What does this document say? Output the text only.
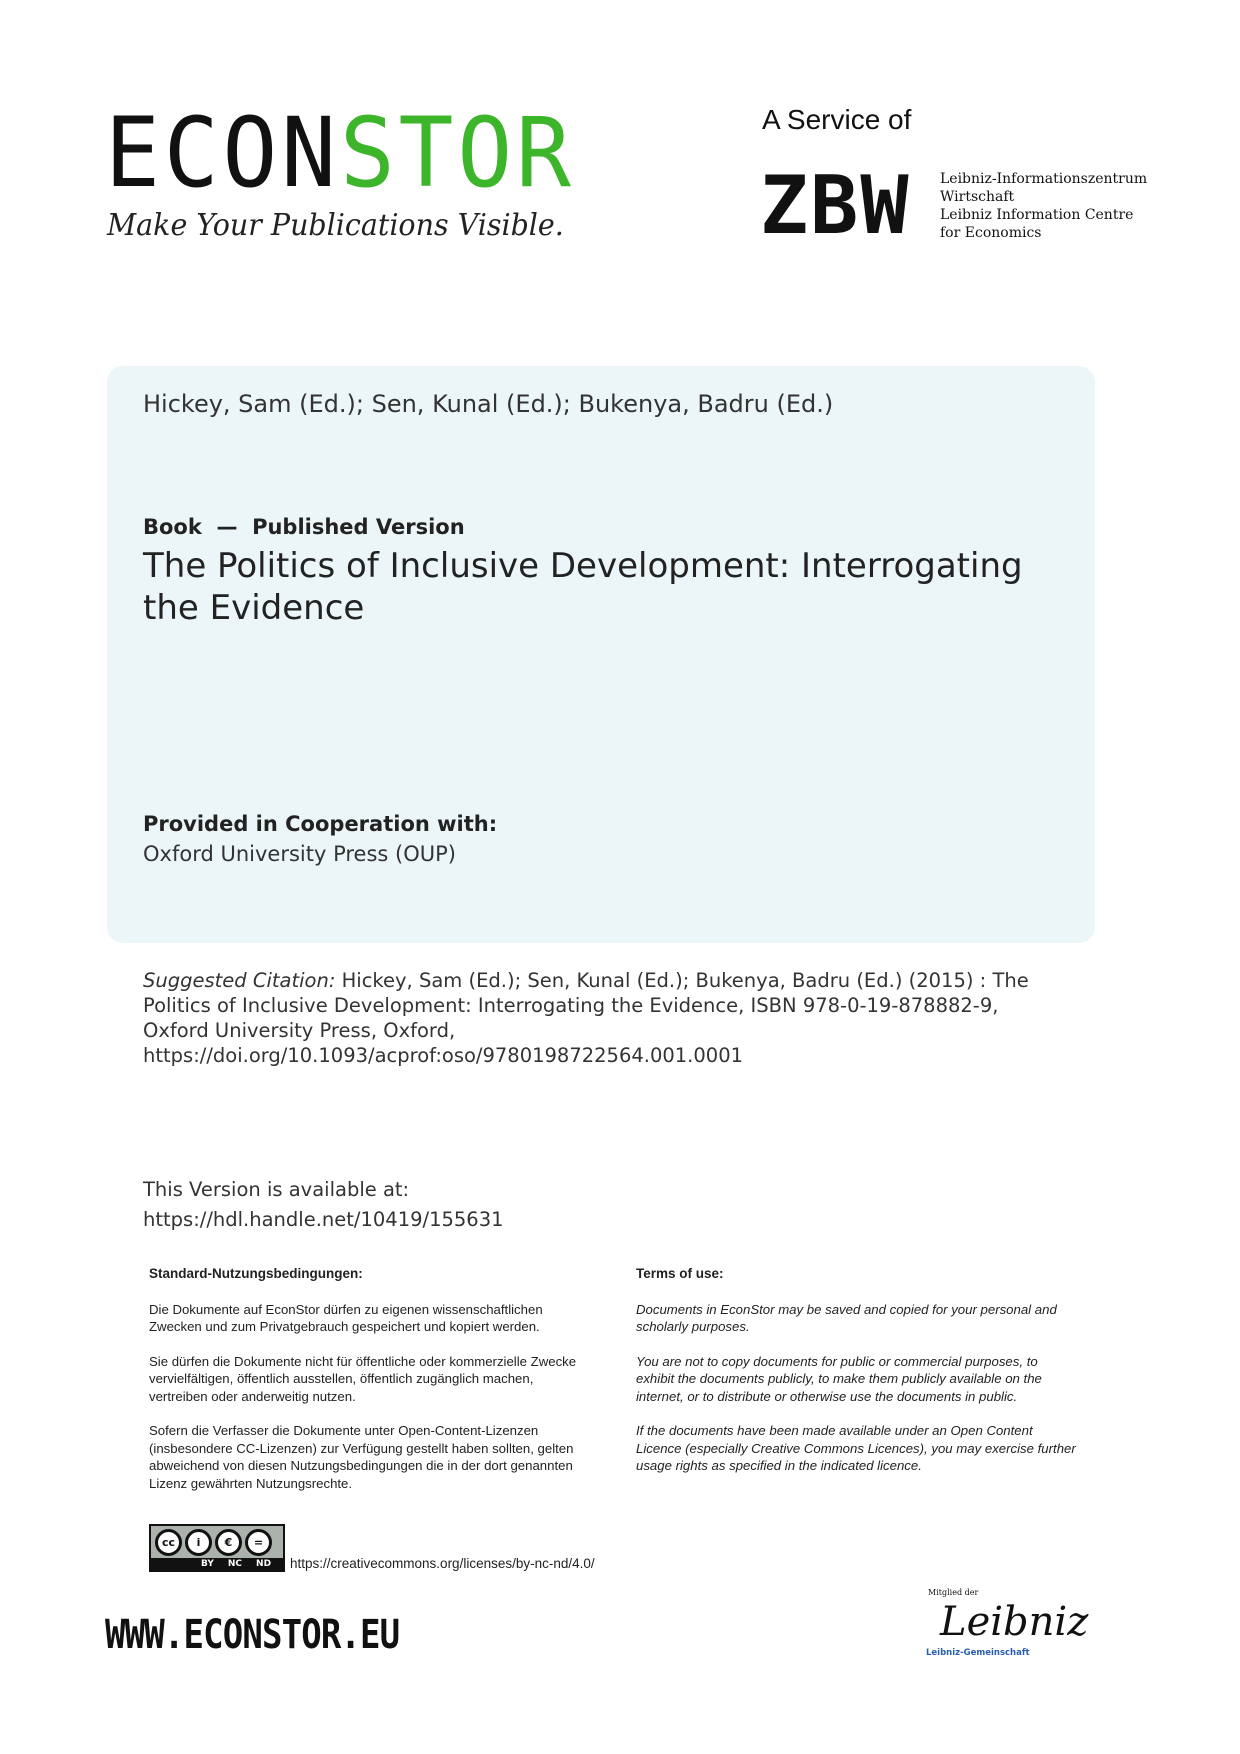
ECONSTOR
Make Your Publications Visible.
A Service of
ZBW Leibniz-Informationszentrum
Wirtschaft
Leibniz Information Centre
for Economics
Hickey, Sam (Ed.); Sen, Kunal (Ed.); Bukenya, Badru (Ed.)
Book  —  Published Version
The Politics of Inclusive Development: Interrogating the Evidence
Provided in Cooperation with:
Oxford University Press (OUP)
Suggested Citation: Hickey, Sam (Ed.); Sen, Kunal (Ed.); Bukenya, Badru (Ed.) (2015) : The Politics of Inclusive Development: Interrogating the Evidence, ISBN 978-0-19-878882-9, Oxford University Press, Oxford,
https://doi.org/10.1093/acprof:oso/9780198722564.001.0001
This Version is available at:
https://hdl.handle.net/10419/155631
Standard-Nutzungsbedingungen:

Die Dokumente auf EconStor dürfen zu eigenen wissenschaftlichen Zwecken und zum Privatgebrauch gespeichert und kopiert werden.

Sie dürfen die Dokumente nicht für öffentliche oder kommerzielle Zwecke vervielfältigen, öffentlich ausstellen, öffentlich zugänglich machen, vertreiben oder anderweitig nutzen.

Sofern die Verfasser die Dokumente unter Open-Content-Lizenzen (insbesondere CC-Lizenzen) zur Verfügung gestellt haben sollten, gelten abweichend von diesen Nutzungsbedingungen die in der dort genannten Lizenz gewährten Nutzungsrechte.

Terms of use:

Documents in EconStor may be saved and copied for your personal and scholarly purposes.

You are not to copy documents for public or commercial purposes, to exhibit the documents publicly, to make them publicly available on the internet, or to distribute or otherwise use the documents in public.

If the documents have been made available under an Open Content Licence (especially Creative Commons Licences), you may exercise further usage rights as specified in the indicated licence.

cc	i	€	=
BY NC ND https://creativecommons.org/licenses/by-nc-nd/4.0/
WWW.ECONSTOR.EU
Mitglied der
Leibniz
Leibniz-Gemeinschaft
